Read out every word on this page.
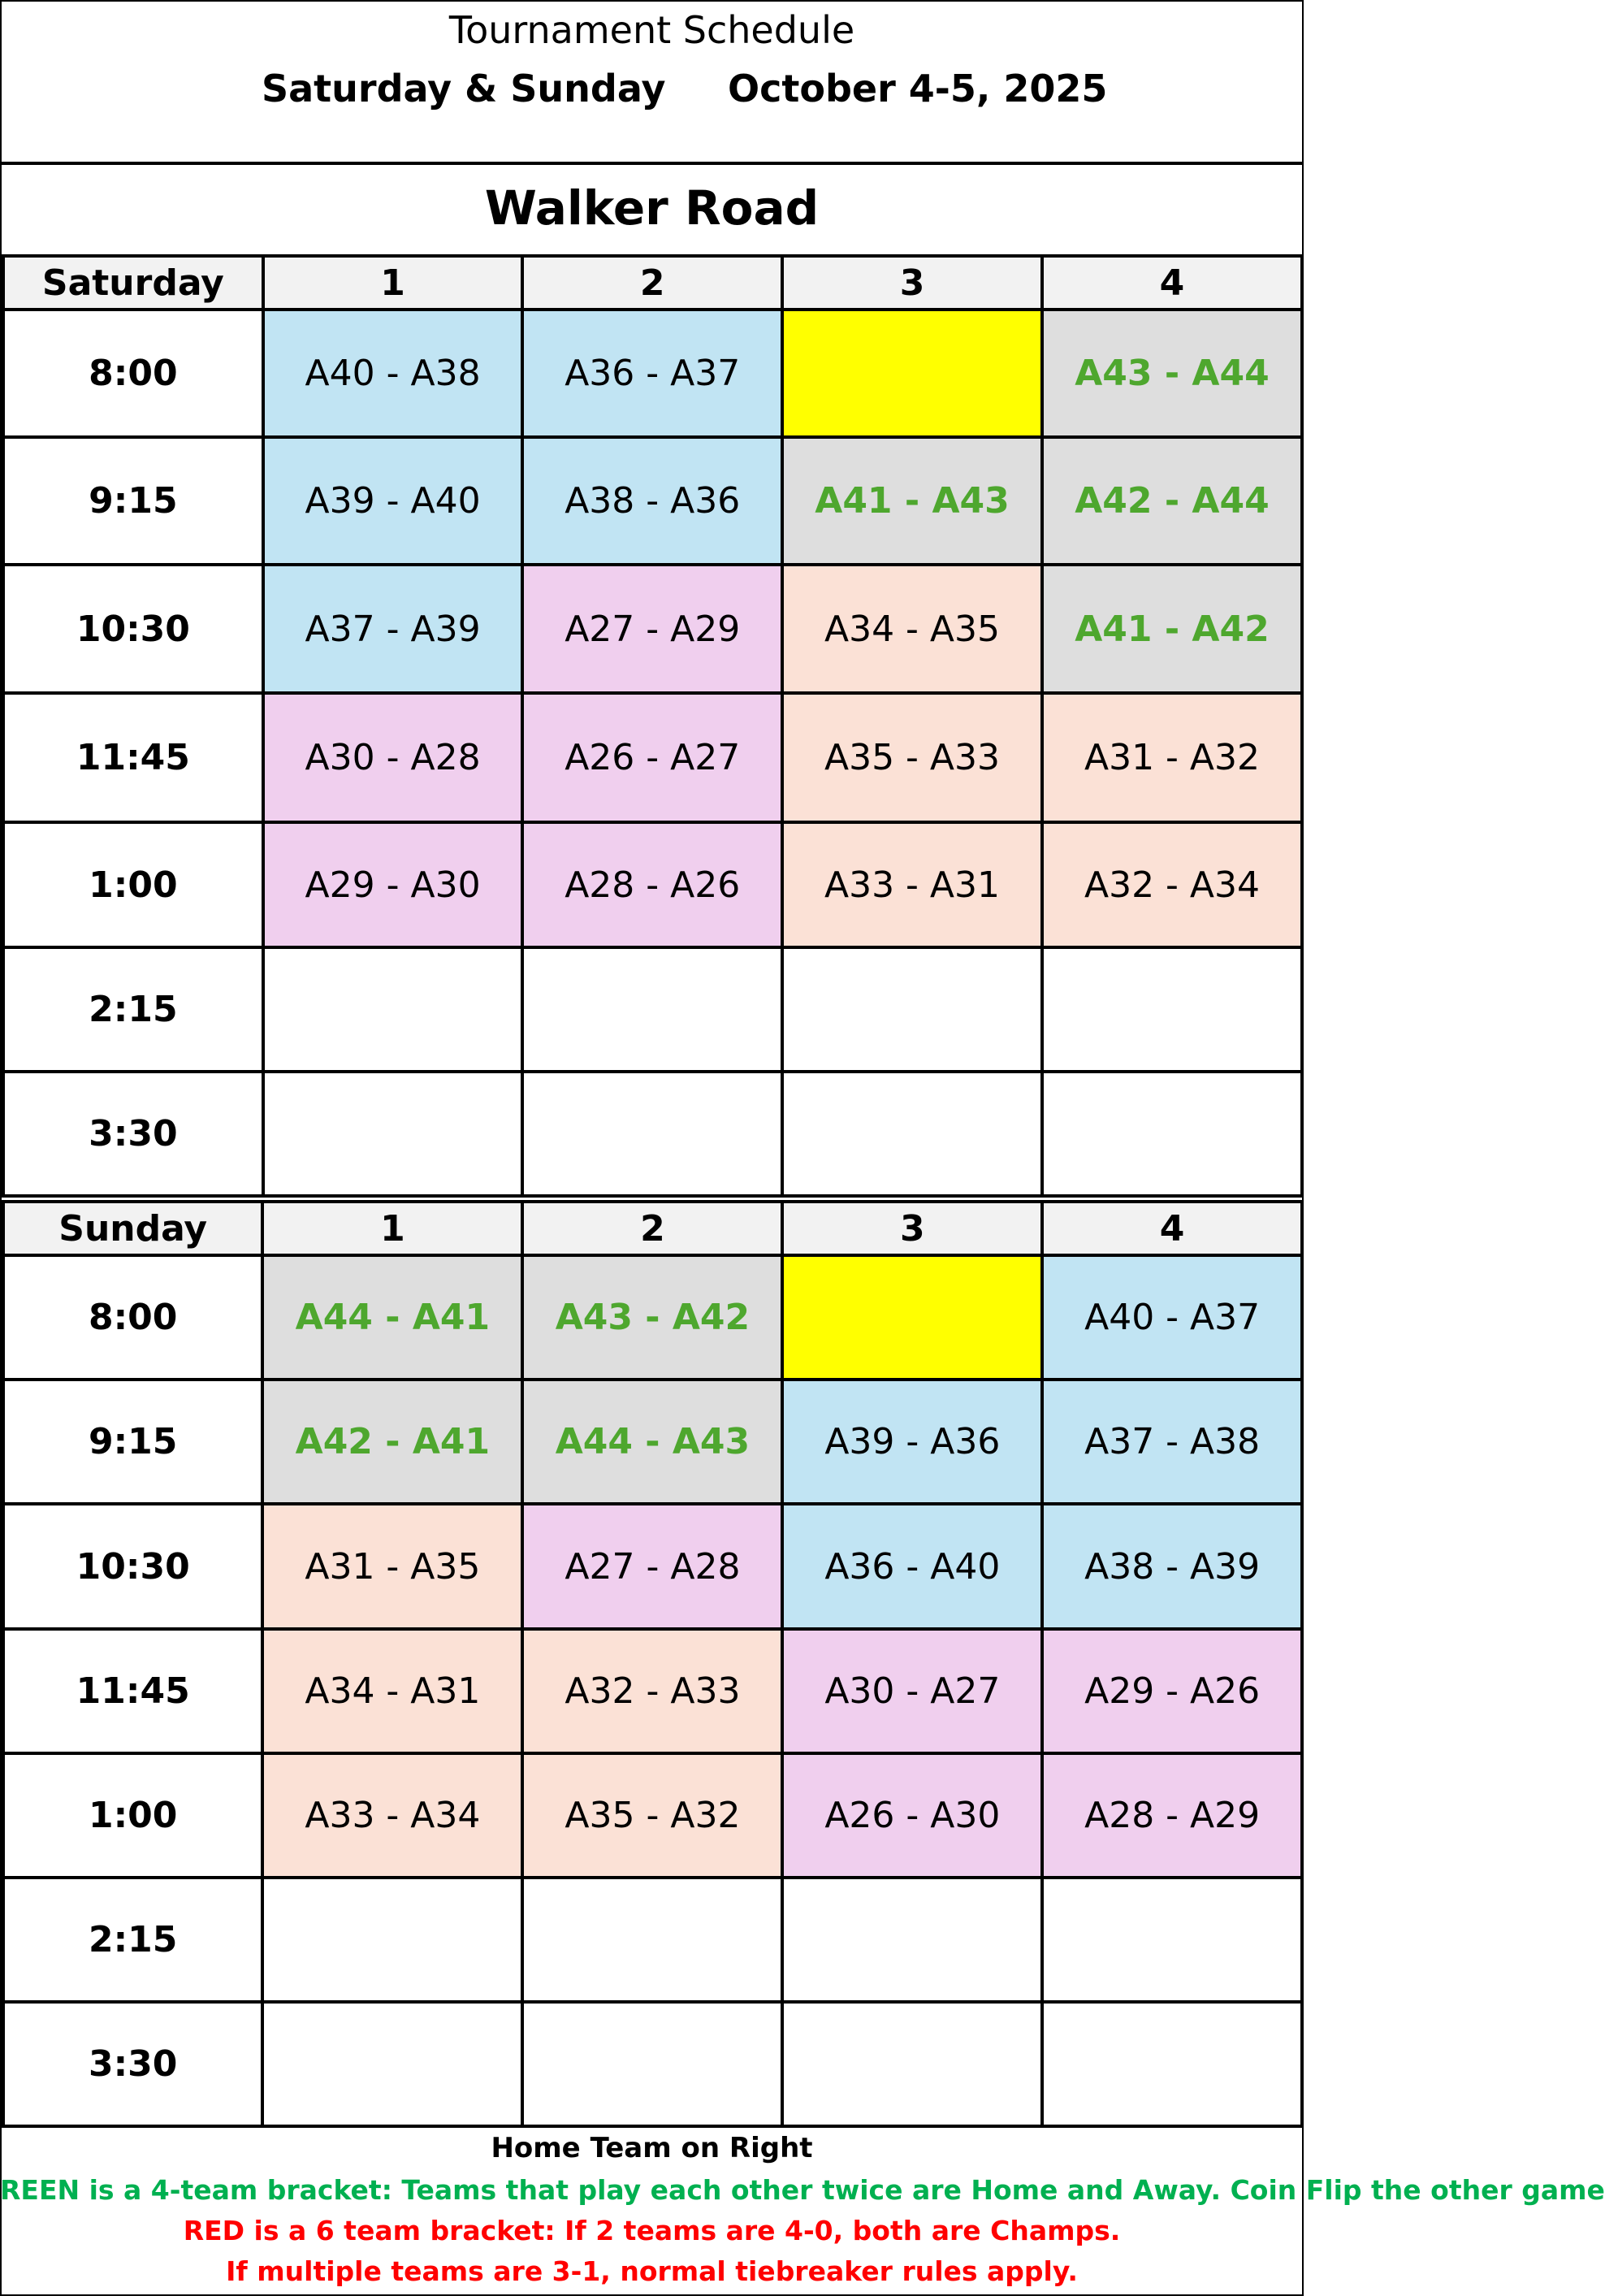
Tournament Schedule
Saturday & Sunday October 4-5, 2025
Walker Road
Saturday	1	2	3	4
8:00	A40 - A38	A36 - A37		A43 - A44
9:15	A39 - A40	A38 - A36	A41 - A43	A42 - A44
10:30	A37 - A39	A27 - A29	A34 - A35	A41 - A42
11:45	A30 - A28	A26 - A27	A35 - A33	A31 - A32
1:00	A29 - A30	A28 - A26	A33 - A31	A32 - A34
2:15				
3:30				
Sunday	1	2	3	4
8:00	A44 - A41	A43 - A42		A40 - A37
9:15	A42 - A41	A44 - A43	A39 - A36	A37 - A38
10:30	A31 - A35	A27 - A28	A36 - A40	A38 - A39
11:45	A34 - A31	A32 - A33	A30 - A27	A29 - A26
1:00	A33 - A34	A35 - A32	A26 - A30	A28 - A29
2:15				
3:30				
Home Team on Right
REEN is a 4-team bracket: Teams that play each other twice are Home and Away. Coin Flip the other game
RED is a 6 team bracket: If 2 teams are 4-0, both are Champs.
If multiple teams are 3-1, normal tiebreaker rules apply.
